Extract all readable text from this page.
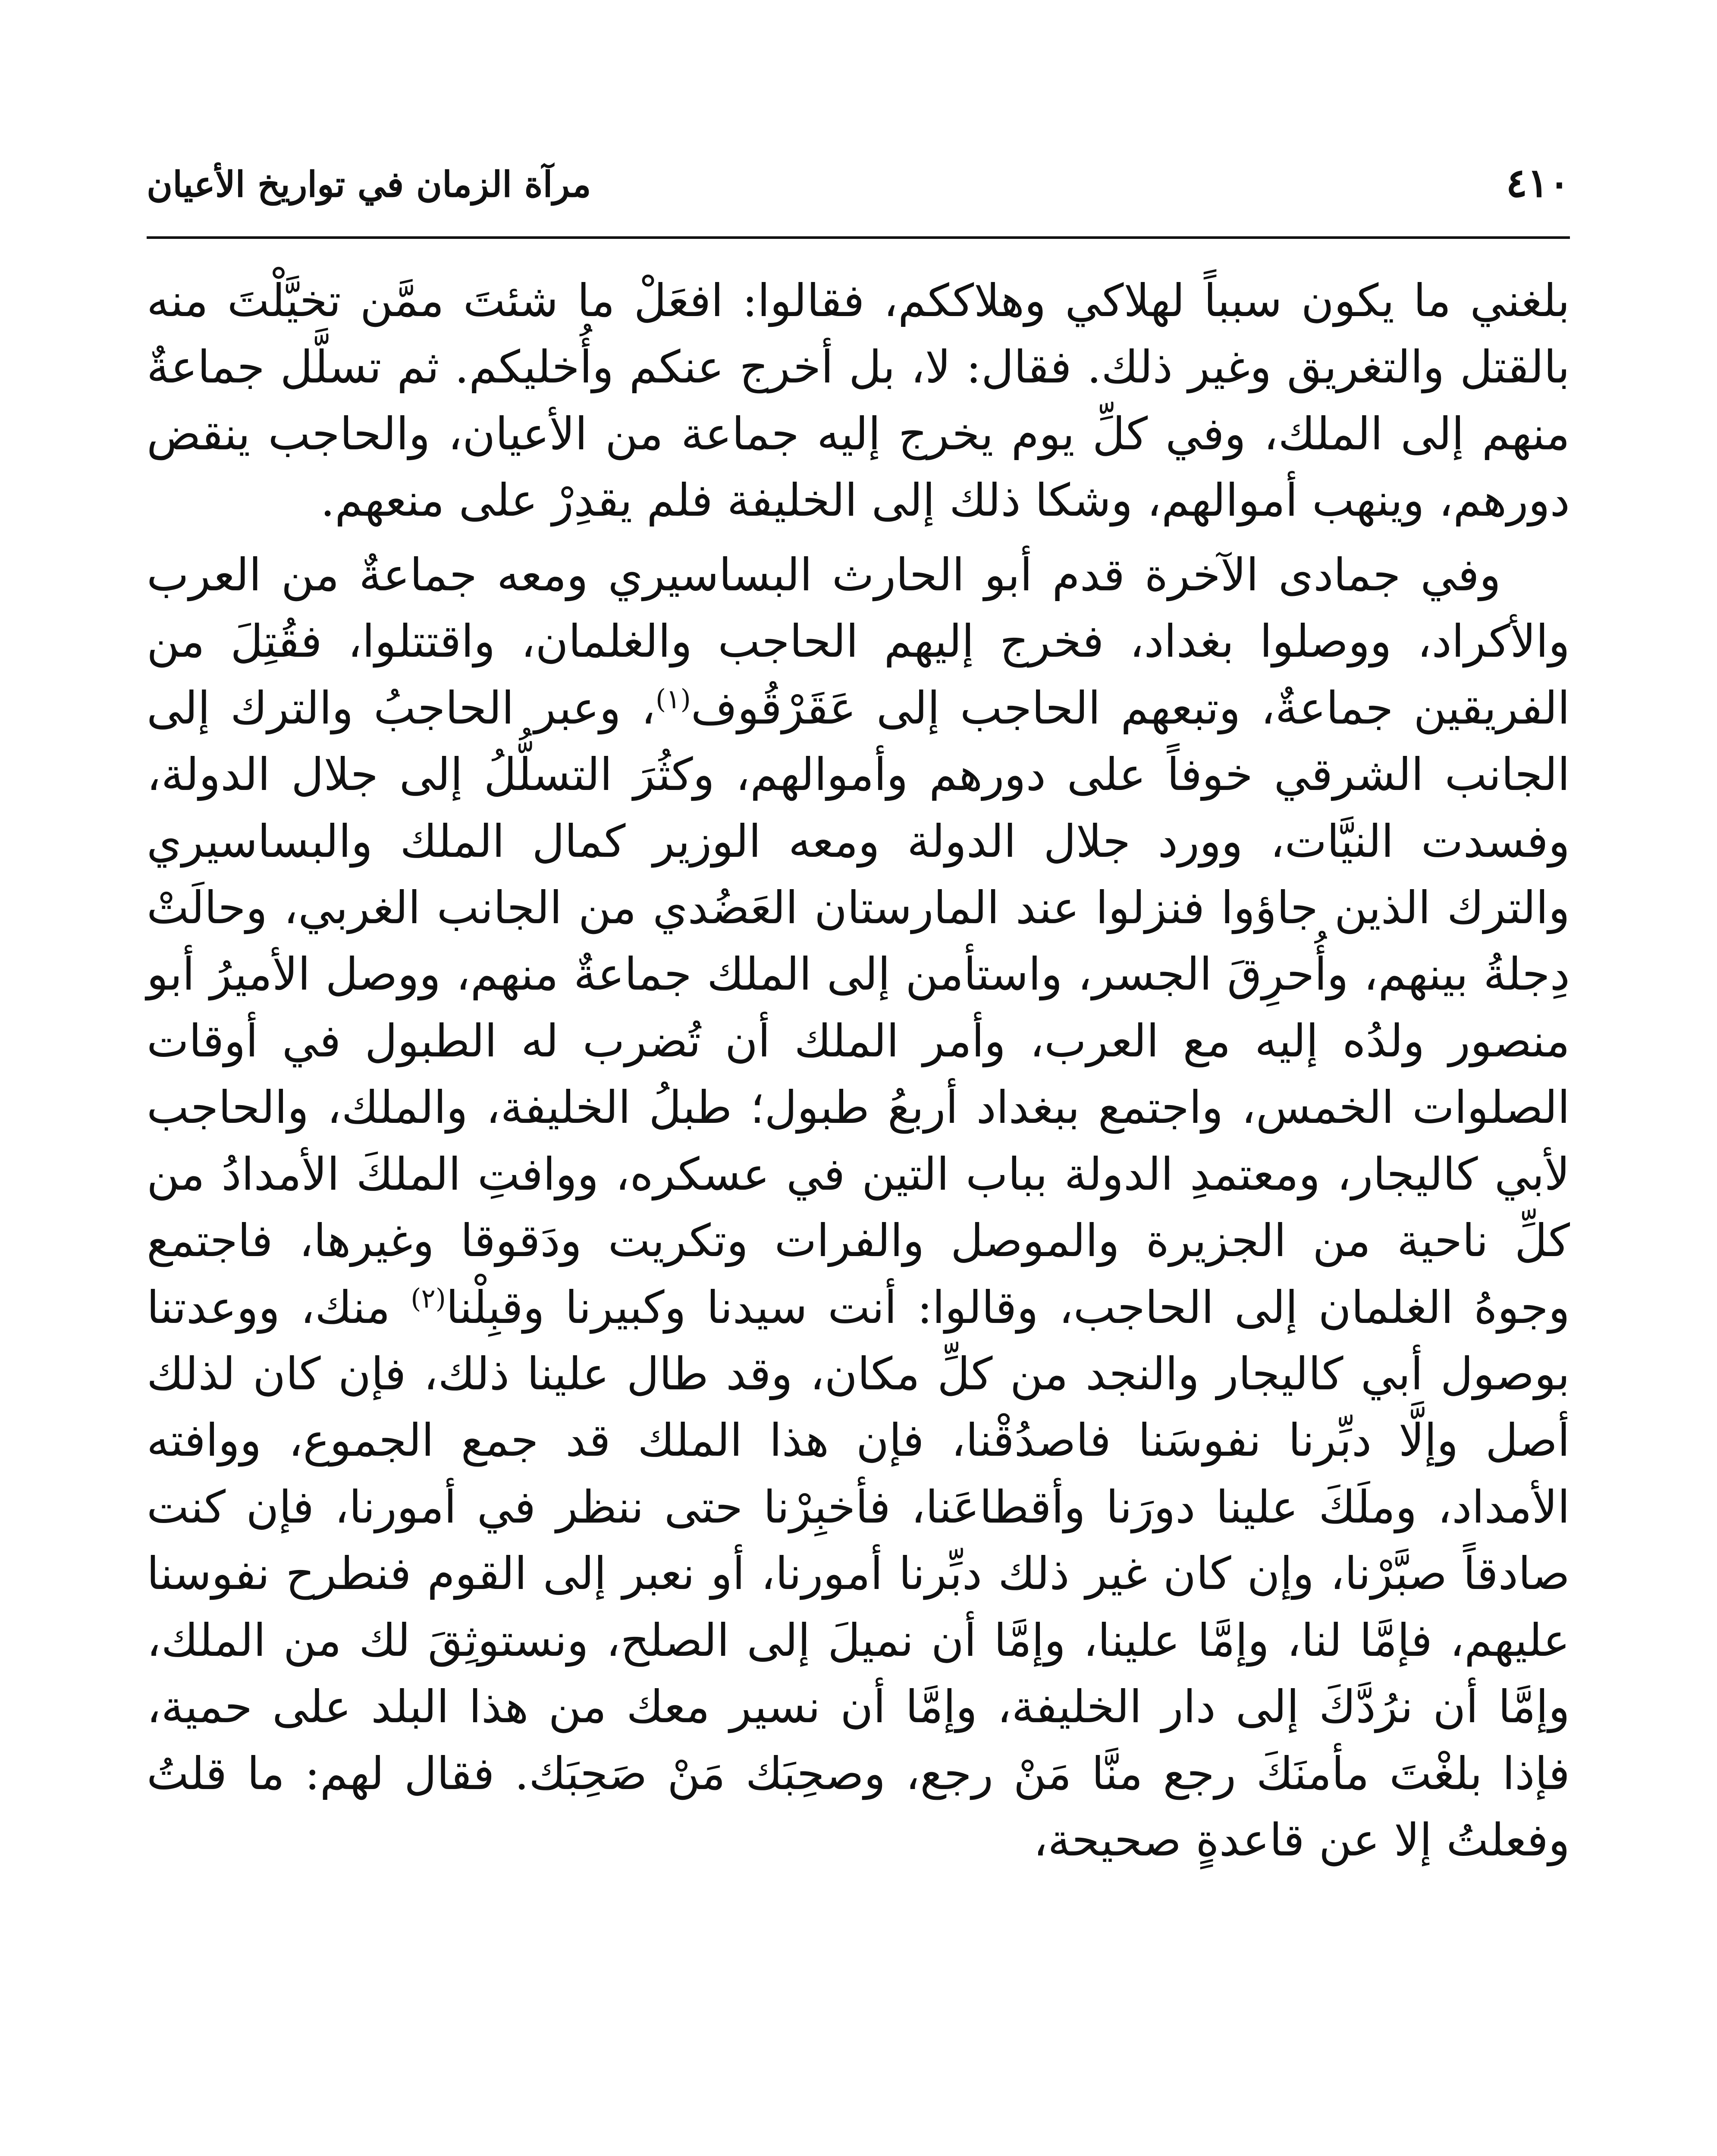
٤١٠
مرآة الزمان في تواريخ الأعيان

بلغني ما يكون سبباً لهلاكي وهلاككم، فقالوا: افعَلْ ما شئتَ ممَّن تخيَّلْتَ منه بالقتل والتغريق وغير ذلك. فقال: لا، بل أخرج عنكم وأُخليكم. ثم تسلَّل جماعةٌ منهم إلى الملك، وفي كلِّ يوم يخرج إليه جماعة من الأعيان، والحاجب ينقض دورهم، وينهب أموالهم، وشكا ذلك إلى الخليفة فلم يقدِرْ على منعهم.

وفي جمادى الآخرة قدم أبو الحارث البساسيري ومعه جماعةٌ من العرب والأكراد، ووصلوا بغداد، فخرج إليهم الحاجب والغلمان، واقتتلوا، فقُتِلَ من الفريقين جماعةٌ، وتبعهم الحاجب إلى عَقَرْقُوف$^{(١)}$، وعبر الحاجبُ والترك إلى الجانب الشرقي خوفاً على دورهم وأموالهم، وكثُرَ التسلُّلُ إلى جلال الدولة، وفسدت النيَّات، وورد جلال الدولة ومعه الوزير كمال الملك والبساسيري والترك الذين جاؤوا فنزلوا عند المارستان العَضُدي من الجانب الغربي، وحالَتْ دِجلةُ بينهم، وأُحرِقَ الجسر، واستأمن إلى الملك جماعةٌ منهم، ووصل الأميرُ أبو منصور ولدُه إليه مع العرب، وأمر الملك أن تُضرب له الطبول في أوقات الصلوات الخمس، واجتمع ببغداد أربعُ طبول؛ طبلُ الخليفة، والملك، والحاجب لأبي كاليجار، ومعتمدِ الدولة بباب التين في عسكره، ووافتِ الملكَ الأمدادُ من كلِّ ناحية من الجزيرة والموصل والفرات وتكريت ودَقوقا وغيرها، فاجتمع وجوهُ الغلمان إلى الحاجب، وقالوا: أنت سيدنا وكبيرنا وقبِلْنا$^{(٢)}$ منك، ووعدتنا بوصول أبي كاليجار والنجد من كلِّ مكان، وقد طال علينا ذلك، فإن كان لذلك أصل وإلَّا دبِّرنا نفوسَنا فاصدُقْنا، فإن هذا الملك قد جمع الجموع، ووافته الأمداد، وملَكَ علينا دورَنا وأقطاعَنا، فأخبِرْنا حتى ننظر في أمورنا، فإن كنت صادقاً صبَّرْنا، وإن كان غير ذلك دبِّرنا أمورنا، أو نعبر إلى القوم فنطرح نفوسنا عليهم، فإمَّا لنا، وإمَّا علينا، وإمَّا أن نميلَ إلى الصلح، ونستوثِقَ لك من الملك، وإمَّا أن نرُدَّكَ إلى دار الخليفة، وإمَّا أن نسير معك من هذا البلد على حمية، فإذا بلغْتَ مأمنَكَ رجع منَّا مَنْ رجع، وصحِبَك مَنْ صَحِبَك. فقال لهم: ما قلتُ وفعلتُ إلا عن قاعدةٍ صحيحة،
